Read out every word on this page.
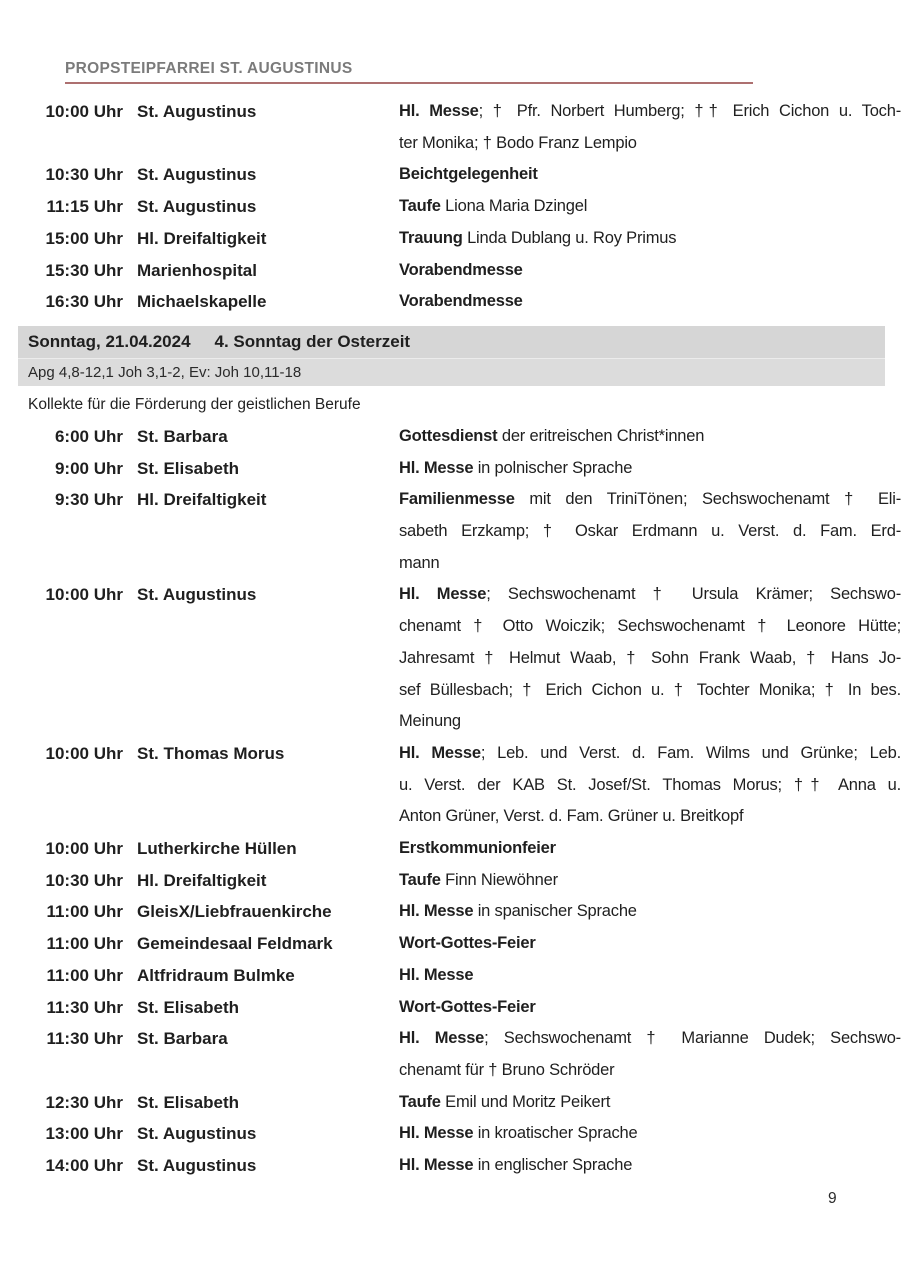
PROPSTEIPFARREI ST. AUGUSTINUS
10:00 Uhr St. Augustinus	Hl. Messe; † Pfr. Norbert Humberg; †† Erich Cichon u. Toch-
ter Monika; † Bodo Franz Lempio
10:30 Uhr St. Augustinus	Beichtgelegenheit
11:15 Uhr St. Augustinus	Taufe Liona Maria Dzingel
15:00 Uhr Hl. Dreifaltigkeit	Trauung Linda Dublang u. Roy Primus
15:30 Uhr Marienhospital	Vorabendmesse
16:30 Uhr Michaelskapelle	Vorabendmesse
Sonntag, 21.04.2024 4. Sonntag der Osterzeit
Apg 4,8-12,1 Joh 3,1-2, Ev: Joh 10,11-18
Kollekte für die Förderung der geistlichen Berufe
6:00 Uhr St. Barbara	Gottesdienst der eritreischen Christ*innen
9:00 Uhr St. Elisabeth	Hl. Messe in polnischer Sprache
9:30 Uhr Hl. Dreifaltigkeit	Familienmesse mit den TriniTönen; Sechswochenamt † Eli-
sabeth Erzkamp; † Oskar Erdmann u. Verst. d. Fam. Erd-
mann
10:00 Uhr St. Augustinus	Hl. Messe; Sechswochenamt † Ursula Krämer; Sechswo-
chenamt † Otto Woiczik; Sechswochenamt † Leonore Hütte;
Jahresamt † Helmut Waab, † Sohn Frank Waab, † Hans Jo-
sef Büllesbach; † Erich Cichon u. † Tochter Monika; † In bes.
Meinung
10:00 Uhr St. Thomas Morus	Hl. Messe; Leb. und Verst. d. Fam. Wilms und Grünke; Leb.
u. Verst. der KAB St. Josef/St. Thomas Morus; †† Anna u.
Anton Grüner, Verst. d. Fam. Grüner u. Breitkopf
10:00 Uhr Lutherkirche Hüllen	Erstkommunionfeier
10:30 Uhr Hl. Dreifaltigkeit	Taufe Finn Niewöhner
11:00 Uhr GleisX/Liebfrauenkirche	Hl. Messe in spanischer Sprache
11:00 Uhr Gemeindesaal Feldmark	Wort-Gottes-Feier
11:00 Uhr Altfridraum Bulmke	Hl. Messe
11:30 Uhr St. Elisabeth	Wort-Gottes-Feier
11:30 Uhr St. Barbara	Hl. Messe; Sechswochenamt † Marianne Dudek; Sechswo-
chenamt für † Bruno Schröder
12:30 Uhr St. Elisabeth	Taufe Emil und Moritz Peikert
13:00 Uhr St. Augustinus	Hl. Messe in kroatischer Sprache
14:00 Uhr St. Augustinus	Hl. Messe in englischer Sprache
9
